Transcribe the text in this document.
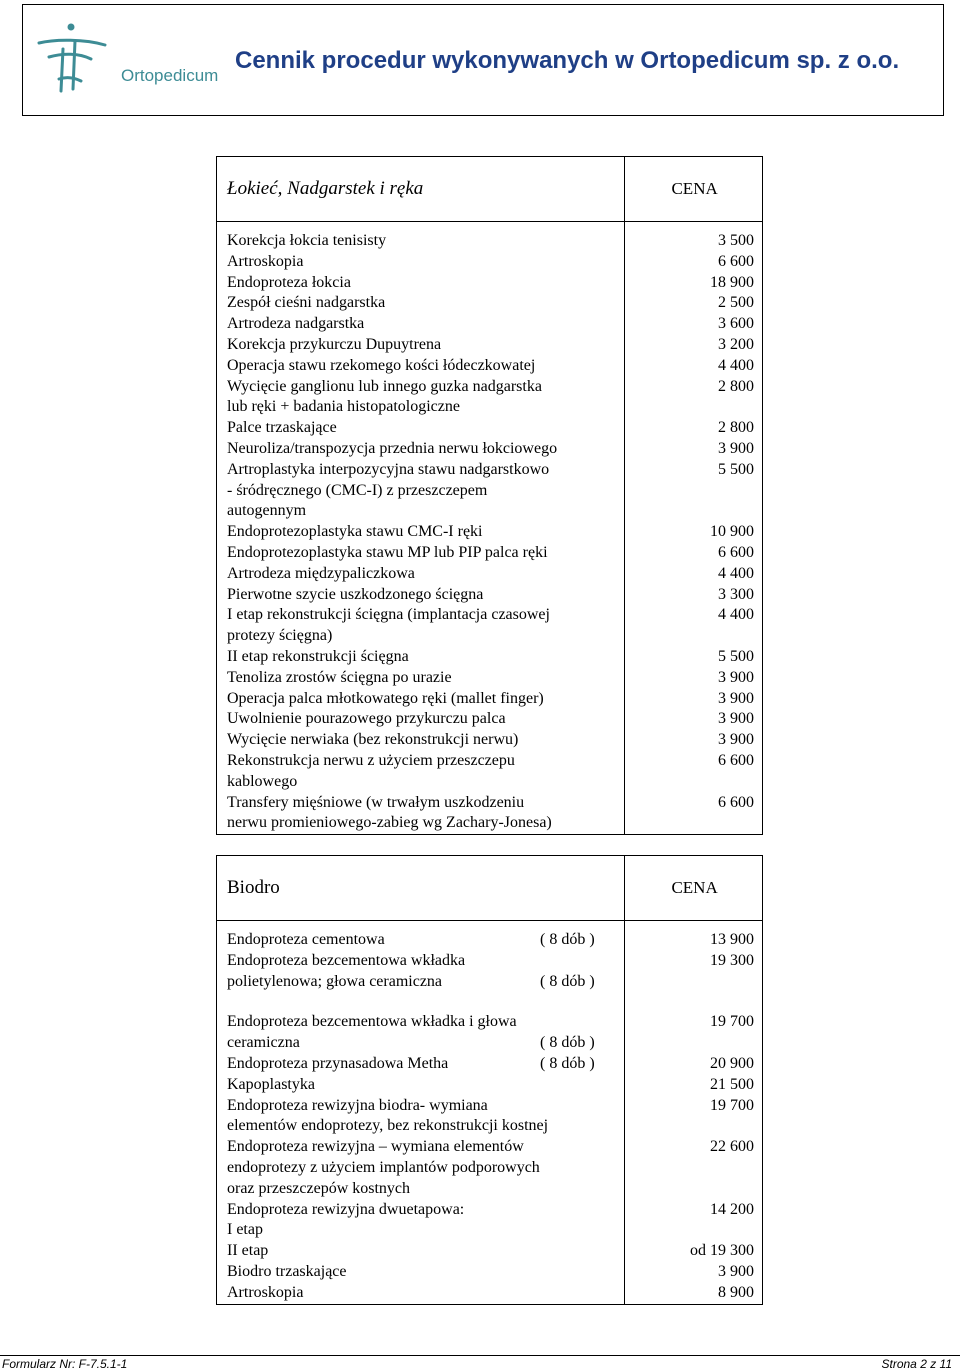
Ortopedicum
Cennik procedur wykonywanych w Ortopedicum sp. z o.o.
Łokieć, Nadgarstek i ręka	CENA

Korekcja łokcia tenisisty	3 500

Artroskopia	6 600

Endoproteza łokcia	18 900

Zespół cieśni nadgarstka	2 500

Artrodeza nadgarstka	3 600

Korekcja przykurczu Dupuytrena	3 200

Operacja stawu rzekomego kości łódeczkowatej	4 400

Wycięcie ganglionu lub innego guzka nadgarstka
lub ręki + badania histopatologiczne	2 800

Palce trzaskające	2 800

Neuroliza/transpozycja przednia nerwu łokciowego	3 900

Artroplastyka interpozycyjna stawu nadgarstkowo
- śródręcznego (CMC-I) z przeszczepem
autogennym	5 500

Endoprotezoplastyka stawu CMC-I ręki	10 900

Endoprotezoplastyka stawu MP lub PIP palca ręki	6 600

Artrodeza międzypaliczkowa	4 400

Pierwotne szycie uszkodzonego ścięgna	3 300

I etap rekonstrukcji ścięgna (implantacja czasowej
protezy ścięgna)	4 400

II etap rekonstrukcji ścięgna	5 500

Tenoliza zrostów ścięgna po urazie	3 900

Operacja palca młotkowatego ręki (mallet finger)	3 900

Uwolnienie pourazowego przykurczu palca	3 900

Wycięcie nerwiaka (bez rekonstrukcji nerwu)	3 900

Rekonstrukcja nerwu z użyciem przeszczepu
kablowego	6 600

Transfery mięśniowe (w trwałym uszkodzeniu
nerwu promieniowego-zabieg wg Zachary-Jonesa)	6 600
Biodro	CENA

Endoproteza cementowa ( 8 dób )	13 900

Endoproteza bezcementowa wkładka
polietylenowa; głowa ceramiczna ( 8 dób )	19 300

Endoproteza bezcementowa wkładka i głowa
ceramiczna ( 8 dób )	19 700

Endoproteza przynasadowa Metha ( 8 dób )	20 900

Kapoplastyka	21 500

Endoproteza rewizyjna biodra- wymiana
elementów endoprotezy, bez rekonstrukcji kostnej	19 700

Endoproteza rewizyjna – wymiana elementów
endoprotezy z użyciem implantów podporowych
oraz przeszczepów kostnych	22 600

Endoproteza rewizyjna dwuetapowa:
I etap	14 200

II etap	od 19 300

Biodro trzaskające	3 900

Artroskopia	8 900
Formularz Nr: F-7.5.1-1	Strona 2 z 11
